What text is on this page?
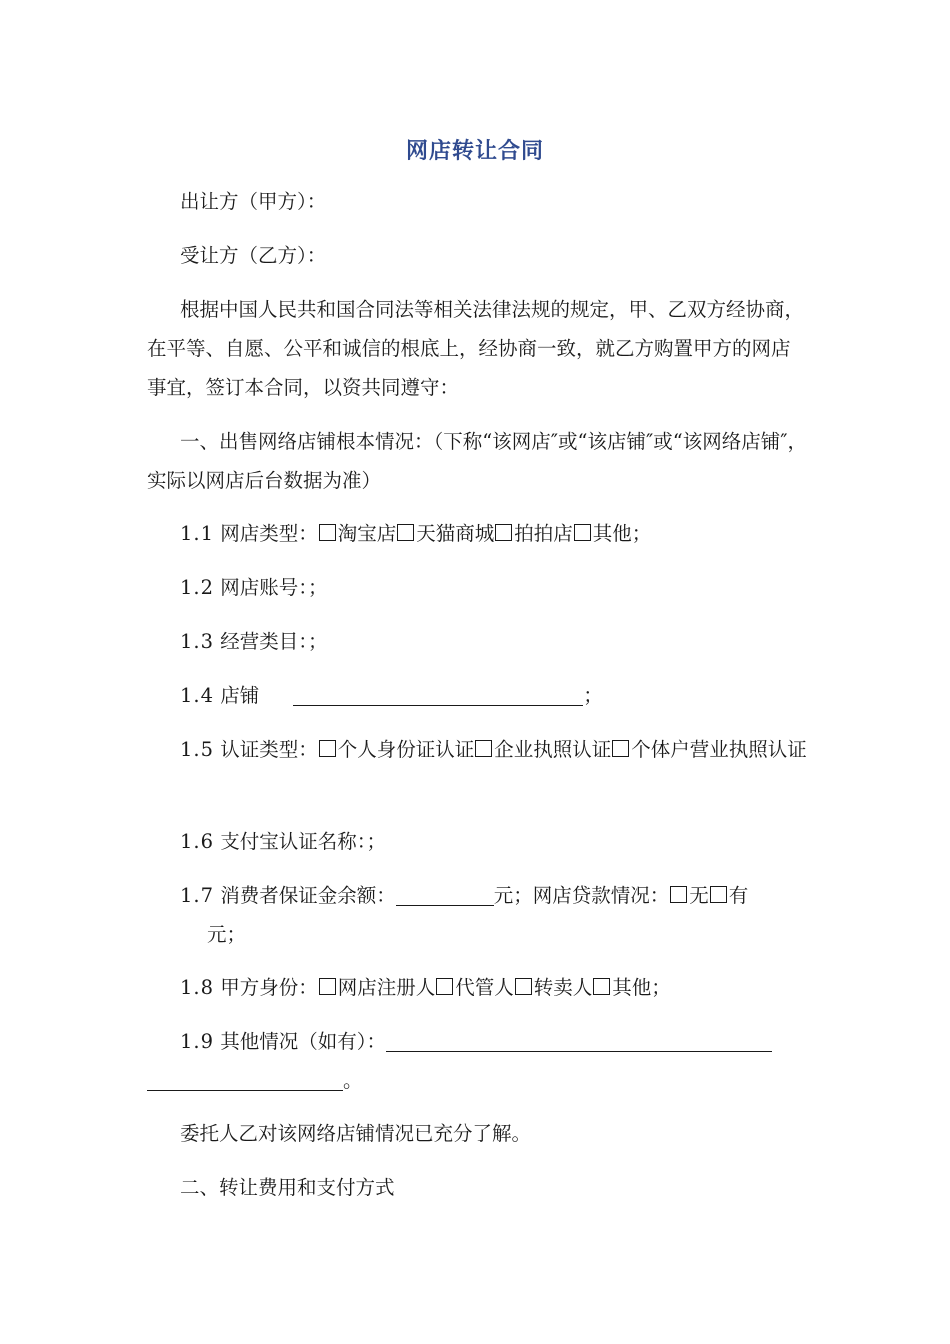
网店转让合同
出让方（甲方）：
受让方（乙方）：
根据中国人民共和国合同法等相关法律法规的规定，甲、乙双方经协商，在平等、自愿、公平和诚信的根底上，经协商一致，就乙方购置甲方的网店事宜，签订本合同，以资共同遵守：
一、出售网络店铺根本情况：（下称“该网店″或“该店铺″或“该网络店铺″，实际以网店后台数据为准）
1.1 网店类型： 淘宝店 天猫商城 拍拍店 其他；
1.2 网店账号：；
1.3 经营类目：；
1.4 店铺	；
1.5 认证类型： 个人身份证认证 企业执照认证 个体户营业执照认证
1.6 支付宝认证名称：；
1.7 消费者保证金余额：	元；网店贷款情况： 无 有元；
1.8 甲方身份： 网店注册人 代管人 转卖人 其他；
1.9 其他情况（如有）： 。
委托人乙对该网络店铺情况已充分了解。
二、转让费用和支付方式
